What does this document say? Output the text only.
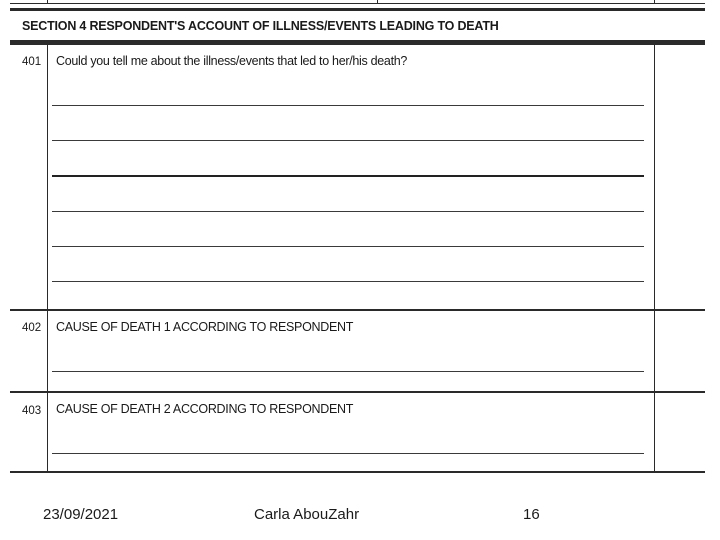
SECTION 4 RESPONDENT'S ACCOUNT OF ILLNESS/EVENTS LEADING TO DEATH
401 Could you tell me about the illness/events that led to her/his death?
402 CAUSE OF DEATH 1 ACCORDING TO RESPONDENT
403 CAUSE OF DEATH 2 ACCORDING TO RESPONDENT
23/09/2021	Carla AbouZahr	16
